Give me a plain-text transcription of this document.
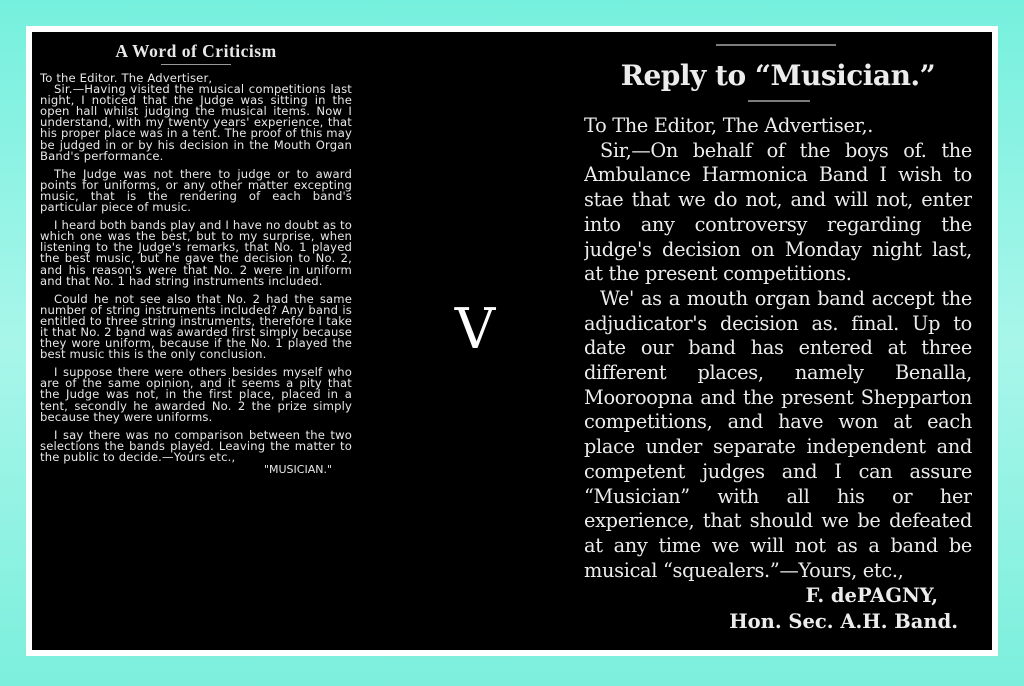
A Word of Criticism

To the Editor. The Advertiser,

Sir.—Having visited the musical competitions last night, I noticed that the Judge was sitting in the open hall whilst judging the musical items. Now I understand, with my twenty years' experience, that his proper place was in a tent. The proof of this may be judged in or by his decision in the Mouth Organ Band's performance.

The Judge was not there to judge or to award points for uniforms, or any other matter excepting music, that is the rendering of each band's particular piece of music.

I heard both bands play and I have no doubt as to which one was the best, but to my surprise, when listening to the Judge's remarks, that No. 1 played the best music, but he gave the decision to No. 2, and his reason's were that No. 2 were in uniform and that No. 1 had string instruments included.

Could he not see also that No. 2 had the same number of string instruments included? Any band is entitled to three string instruments, therefore I take it that No. 2 band was awarded first simply because they wore uniform, because if the No. 1 played the best music this is the only conclusion.

I suppose there were others besides myself who are of the same opinion, and it seems a pity that the Judge was not, in the first place, placed in a tent, secondly he awarded No. 2 the prize simply because they were uniforms.

I say there was no comparison between the two selections the bands played. Leaving the matter to the public to decide.—Yours etc.,

"MUSICIAN."
V
Reply to “Musician.”

To The Editor, The Advertiser,.

Sir,—On behalf of the boys of. the Ambulance Harmonica Band I wish to stae that we do not, and will not, enter into any controversy regarding the judge's decision on Monday night last, at the present competitions.

We' as a mouth organ band accept the adjudicator's decision as. final. Up to date our band has entered at three different places, namely Benalla, Mooroopna and the present Shepparton competitions, and have won at each place under separate independent and competent judges and I can assure “Musician” with all his or her experience, that should we be defeated at any time we will not as a band be musical “squealers.”—Yours, etc.,

F. dePAGNY,
Hon. Sec. A.H. Band.
